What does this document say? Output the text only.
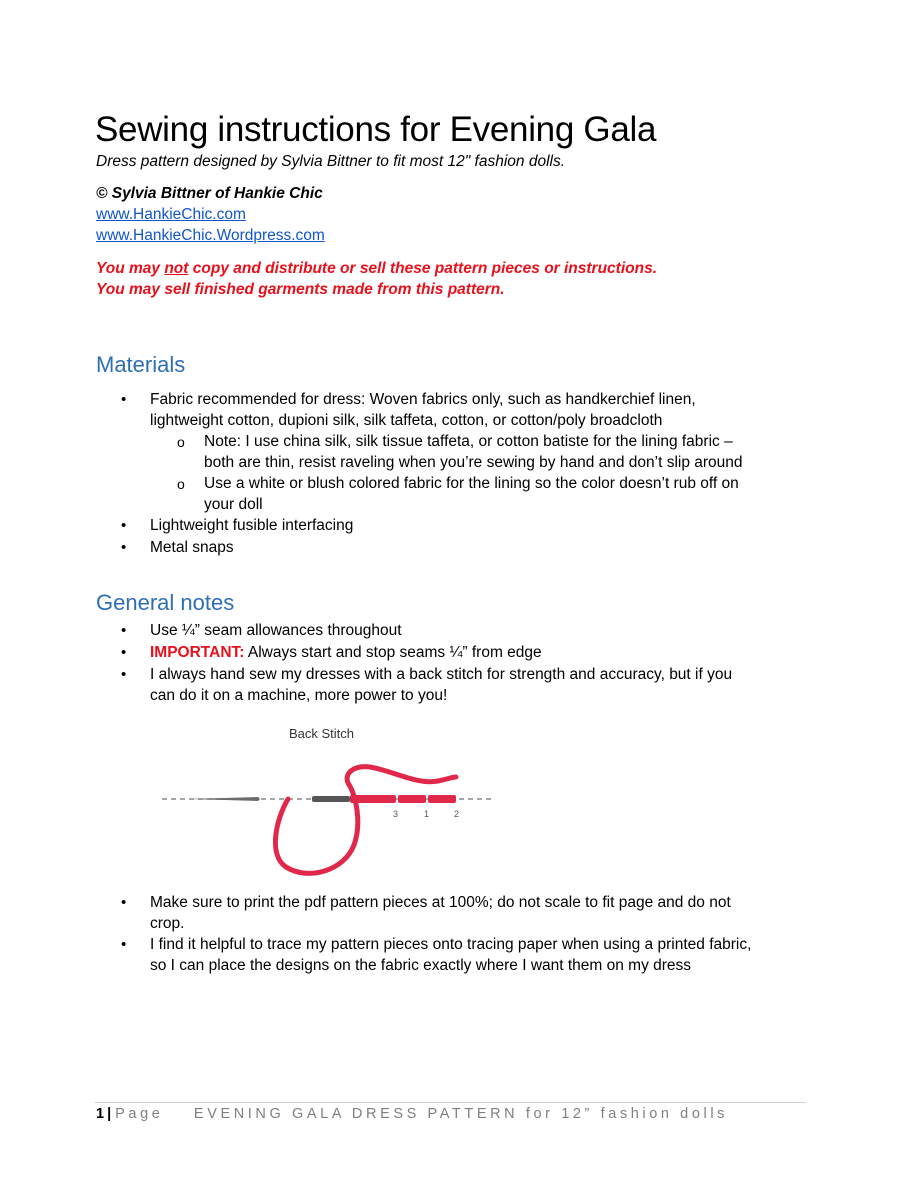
Sewing instructions for Evening Gala
Dress pattern designed by Sylvia Bittner to fit most 12" fashion dolls.
© Sylvia Bittner of Hankie Chic
www.HankieChic.com
www.HankieChic.Wordpress.com
You may not copy and distribute or sell these pattern pieces or instructions.
You may sell finished garments made from this pattern.
Materials
• Fabric recommended for dress: Woven fabrics only, such as handkerchief linen,
lightweight cotton, dupioni silk, silk taffeta, cotton, or cotton/poly broadcloth
o Note: I use china silk, silk tissue taffeta, or cotton batiste for the lining fabric –
both are thin, resist raveling when you’re sewing by hand and don’t slip around
o Use a white or blush colored fabric for the lining so the color doesn’t rub off on
your doll
• Lightweight fusible interfacing
• Metal snaps
General notes
• Use ¼” seam allowances throughout
• IMPORTANT: Always start and stop seams ¼” from edge
• I always hand sew my dresses with a back stitch for strength and accuracy, but if you
can do it on a machine, more power to you!
Back Stitch
3	1	2
• Make sure to print the pdf pattern pieces at 100%; do not scale to fit page and do not
crop.
• I find it helpful to trace my pattern pieces onto tracing paper when using a printed fabric,
so I can place the designs on the fabric exactly where I want them on my dress
1 | Page    EVENING GALA DRESS PATTERN for 12” fashion dolls
